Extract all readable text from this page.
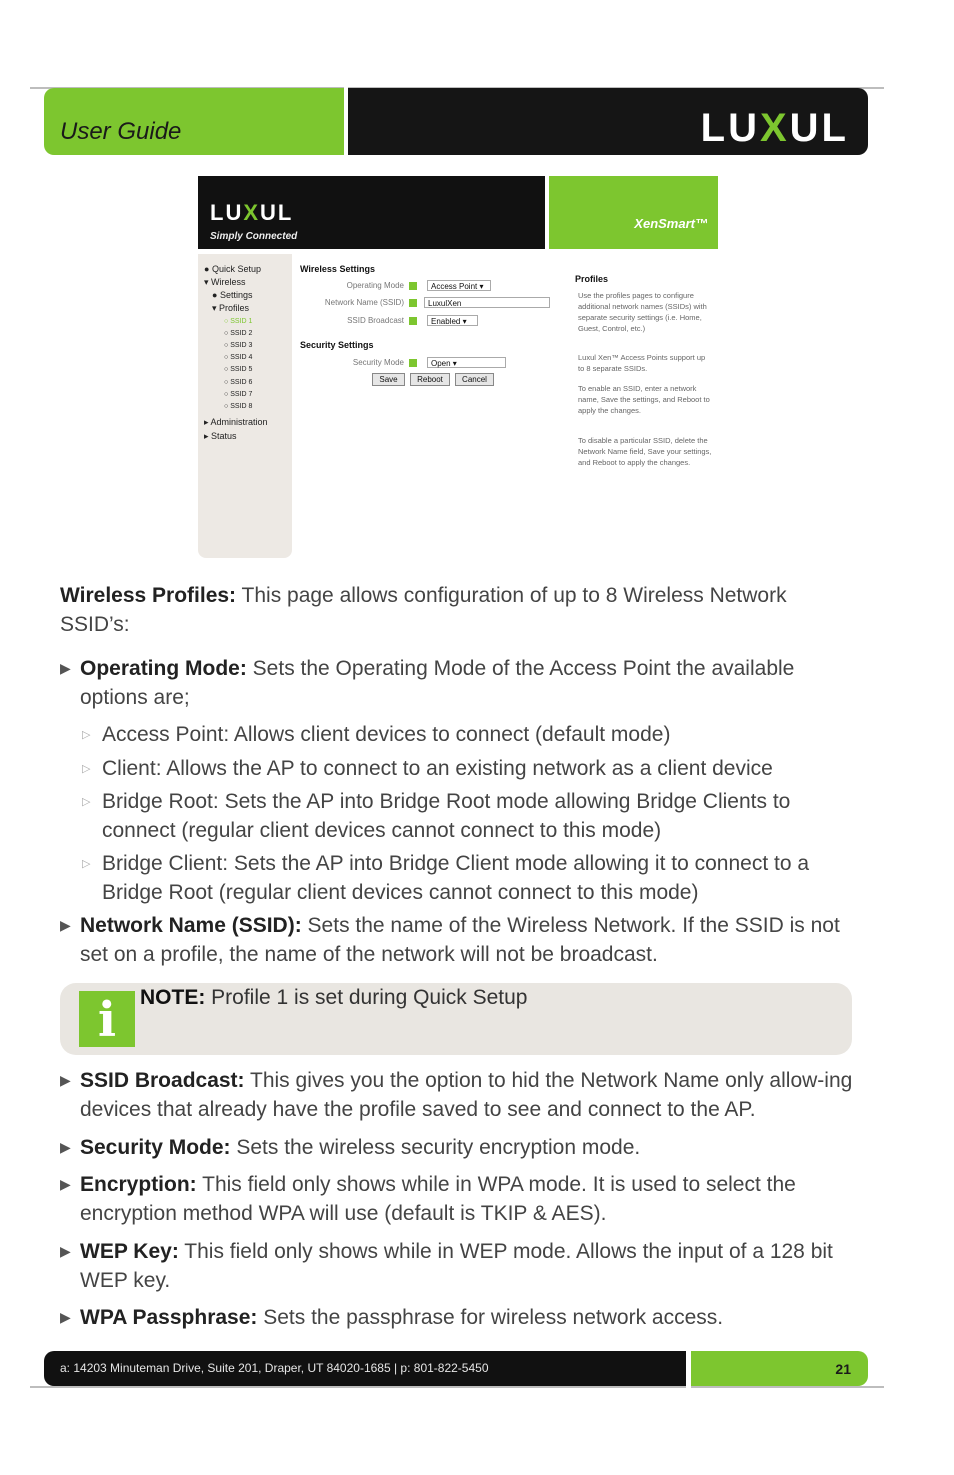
User Guide	LUXUL
LUXUL
Simply Connected
XenSmart™
● Quick Setup
▾ Wireless
● Settings
▾ Profiles
○ SSID 1
○ SSID 2
○ SSID 3
○ SSID 4
○ SSID 5
○ SSID 6
○ SSID 7
○ SSID 8
▸ Administration
▸ Status
Wireless Settings
Operating Mode	Access Point ▾
Network Name (SSID)	LuxulXen
SSID Broadcast	Enabled ▾
Security Settings
Security Mode	Open ▾
Save	Reboot	Cancel
Profiles
Use the profiles pages to configure additional network names (SSIDs) with separate security settings (i.e. Home, Guest, Control, etc.)
Luxul Xen™ Access Points support up to 8 separate SSIDs.
To enable an SSID, enter a network name, Save the settings, and Reboot to apply the changes.
To disable a particular SSID, delete the Network Name field, Save your settings, and Reboot to apply the changes.
Wireless Profiles: This page allows configuration of up to 8 Wireless Network SSID’s:
▶ Operating Mode: Sets the Operating Mode of the Access Point the available options are;
▷ Access Point: Allows client devices to connect (default mode)
▷ Client: Allows the AP to connect to an existing network as a client device
▷ Bridge Root: Sets the AP into Bridge Root mode allowing Bridge Clients to connect (regular client devices cannot connect to this mode)
▷ Bridge Client: Sets the AP into Bridge Client mode allowing it to connect to a Bridge Root (regular client devices cannot connect to this mode)
▶ Network Name (SSID): Sets the name of the Wireless Network. If the SSID is not set on a profile, the name of the network will not be broadcast.
i	NOTE: Profile 1 is set during Quick Setup
▶ SSID Broadcast: This gives you the option to hid the Network Name only allow-ing devices that already have the profile saved to see and connect to the AP.
▶ Security Mode: Sets the wireless security encryption mode.
▶ Encryption: This field only shows while in WPA mode. It is used to select the encryption method WPA will use (default is TKIP & AES).
▶ WEP Key: This field only shows while in WEP mode. Allows the input of a 128 bit WEP key.
▶ WPA Passphrase: Sets the passphrase for wireless network access.
a: 14203 Minuteman Drive, Suite 201, Draper, UT 84020-1685 | p: 801-822-5450	21
